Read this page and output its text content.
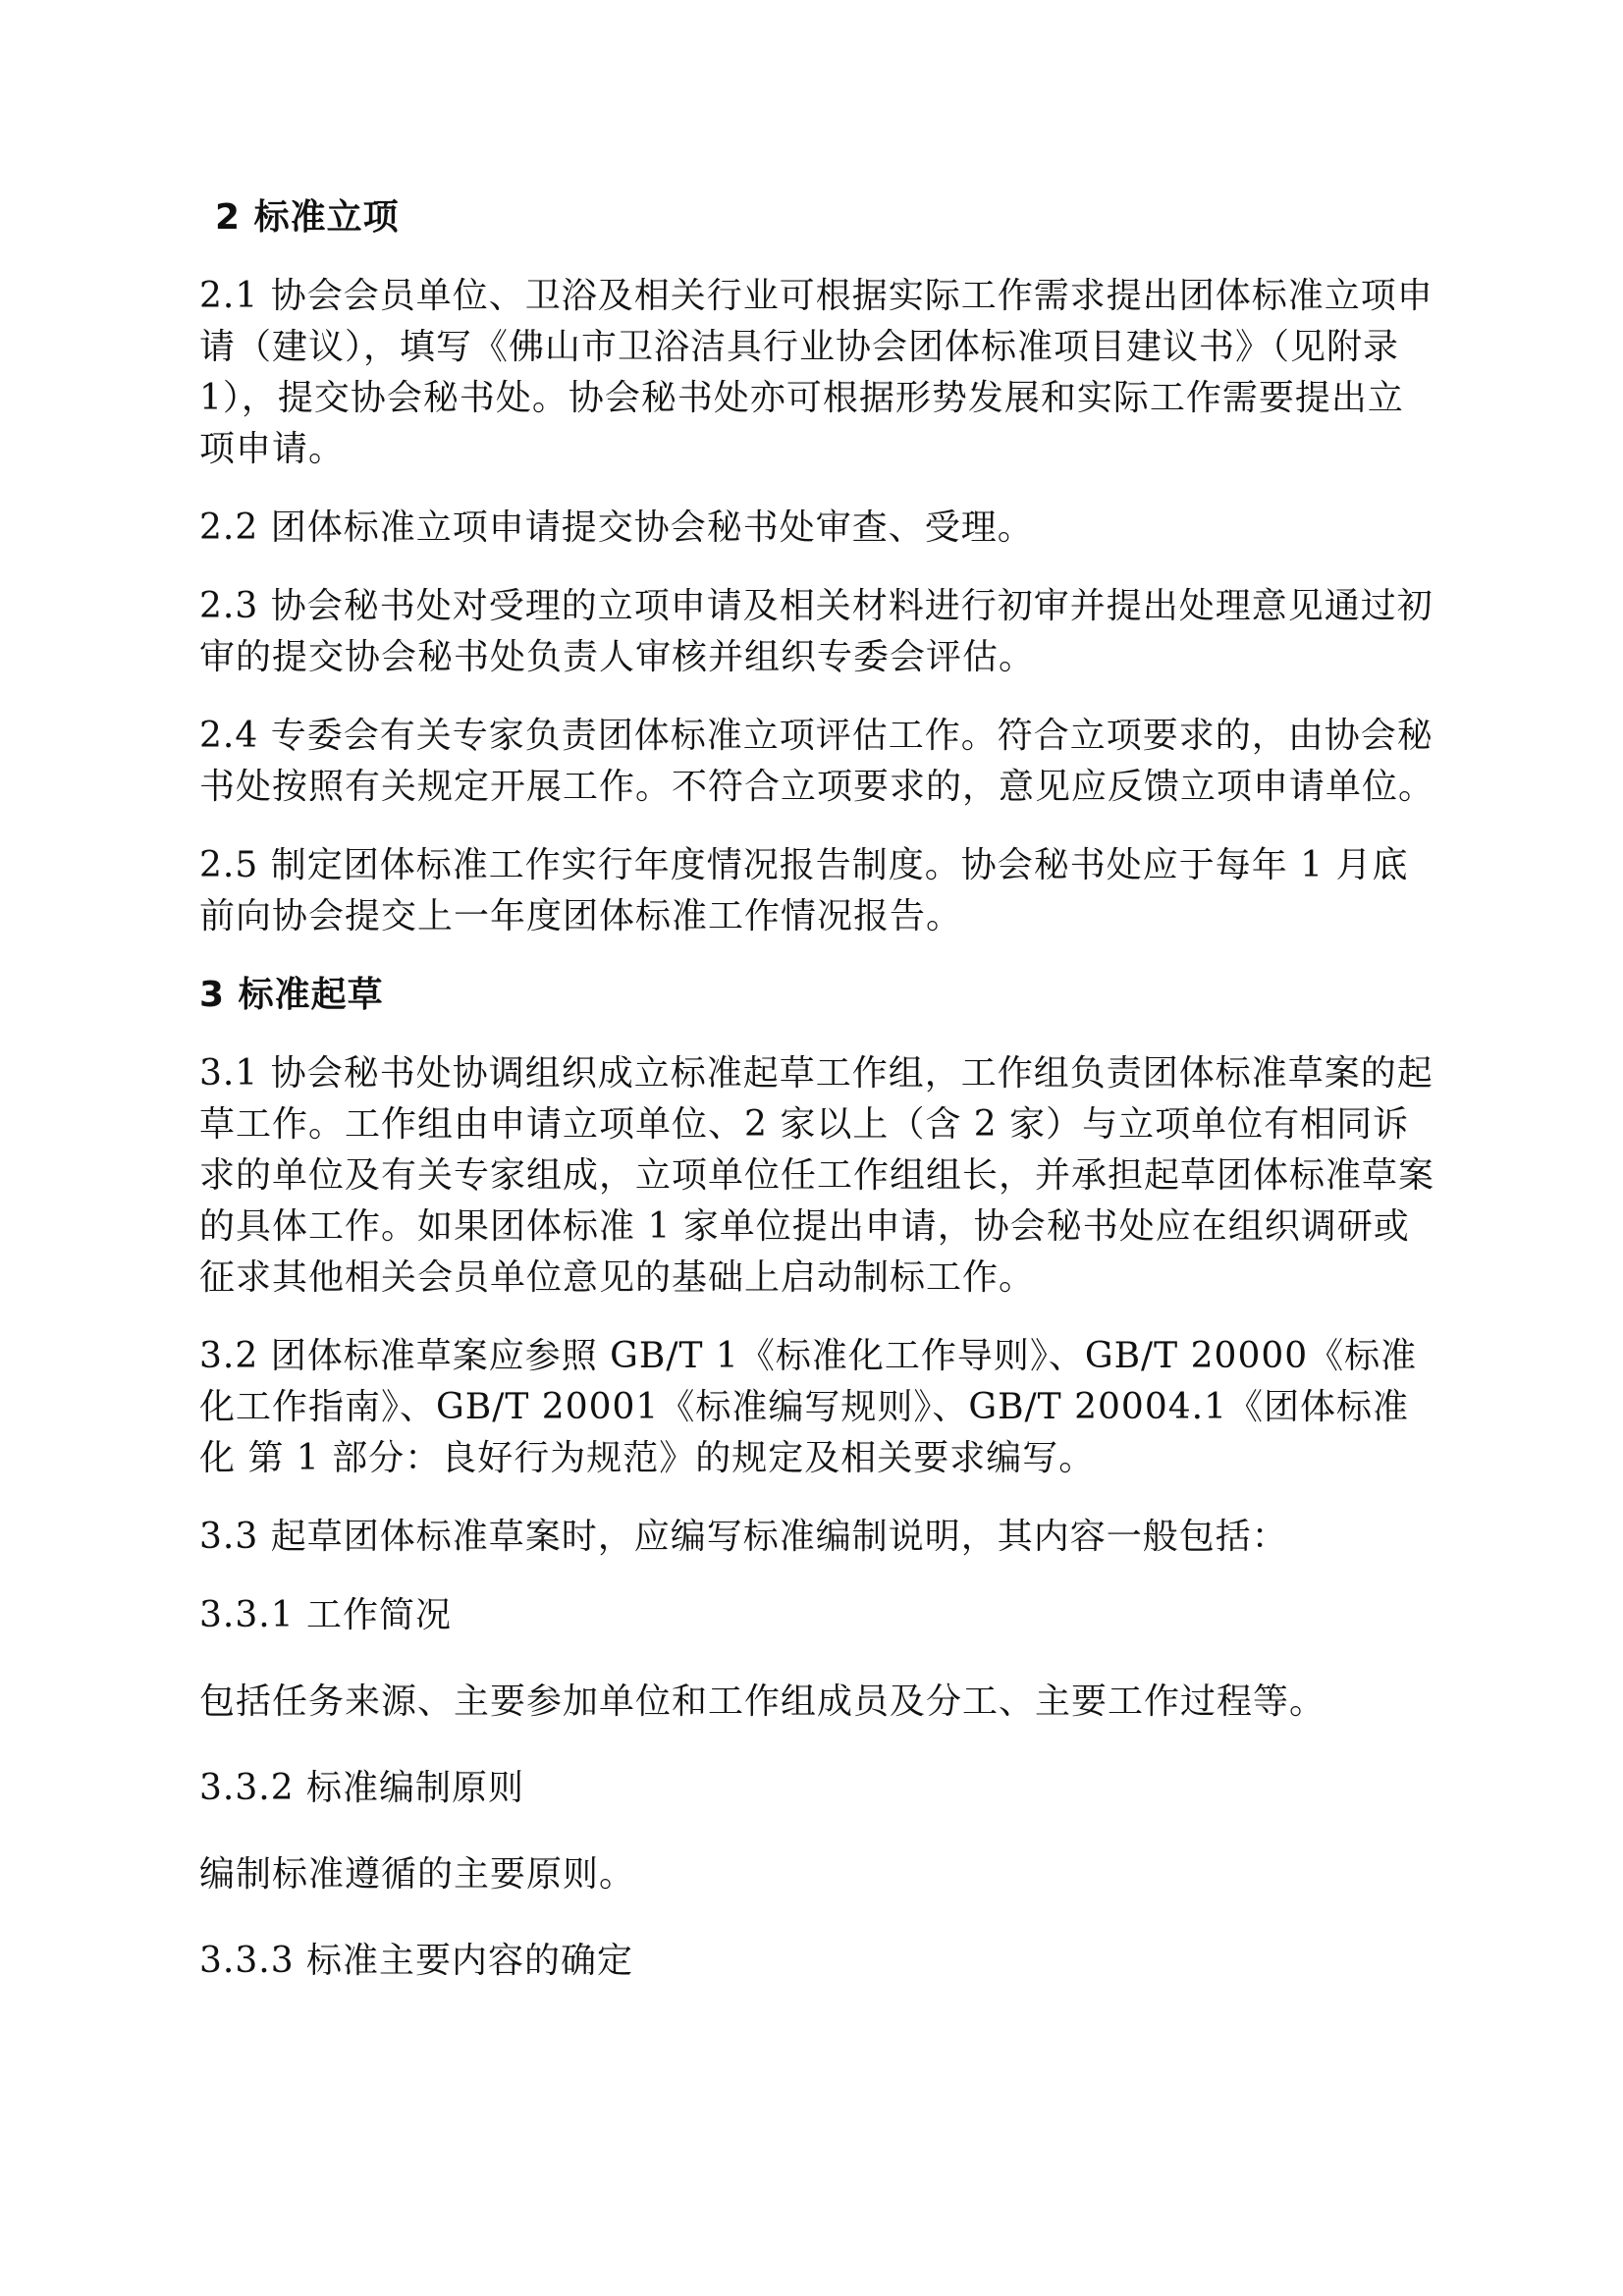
2 标准立项

2.1 协会会员单位、卫浴及相关行业可根据实际工作需求提出团体标准立项申请（建议），填写《佛山市卫浴洁具行业协会团体标准项目建议书》（见附录 1），提交协会秘书处。协会秘书处亦可根据形势发展和实际工作需要提出立项申请。

2.2 团体标准立项申请提交协会秘书处审查、受理。

2.3 协会秘书处对受理的立项申请及相关材料进行初审并提出处理意见通过初审的提交协会秘书处负责人审核并组织专委会评估。

2.4 专委会有关专家负责团体标准立项评估工作。符合立项要求的，由协会秘书处按照有关规定开展工作。不符合立项要求的，意见应反馈立项申请单位。

2.5 制定团体标准工作实行年度情况报告制度。协会秘书处应于每年 1 月底前向协会提交上一年度团体标准工作情况报告。

3 标准起草

3.1 协会秘书处协调组织成立标准起草工作组，工作组负责团体标准草案的起草工作。工作组由申请立项单位、2 家以上（含 2 家）与立项单位有相同诉求的单位及有关专家组成，立项单位任工作组组长，并承担起草团体标准草案的具体工作。如果团体标准 1 家单位提出申请，协会秘书处应在组织调研或征求其他相关会员单位意见的基础上启动制标工作。

3.2 团体标准草案应参照 GB/T 1《标准化工作导则》、GB/T 20000《标准化工作指南》、GB/T 20001《标准编写规则》、GB/T 20004.1《团体标准化 第 1 部分：良好行为规范》的规定及相关要求编写。

3.3 起草团体标准草案时，应编写标准编制说明，其内容一般包括：

3.3.1 工作简况

包括任务来源、主要参加单位和工作组成员及分工、主要工作过程等。

3.3.2 标准编制原则

编制标准遵循的主要原则。

3.3.3 标准主要内容的确定
